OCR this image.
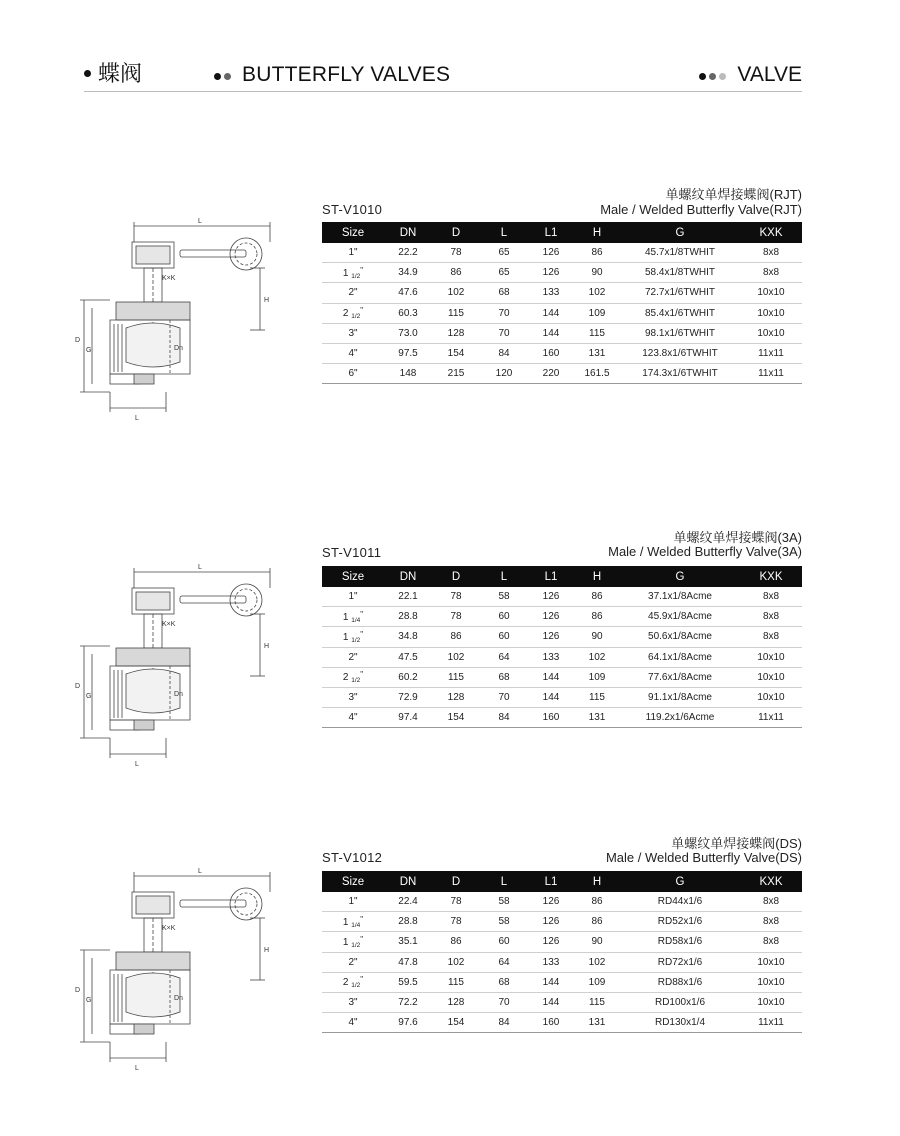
蝶阀	BUTTERFLY VALVES	VALVE
L
K×K
H
D
G	Dn
L
ST-V1010
单螺纹单焊接蝶阀(RJT)
Male / Welded Butterfly Valve(RJT)
Size	DN	D	L	L1	H	G	KXK
1"	22.2	78	65	126	86	45.7x1/8TWHIT	8x8
1 $_{1/2}$"	34.9	86	65	126	90	58.4x1/8TWHIT	8x8
2"	47.6	102	68	133	102	72.7x1/6TWHIT	10x10
2 $_{1/2}$"	60.3	115	70	144	109	85.4x1/6TWHIT	10x10
3"	73.0	128	70	144	115	98.1x1/6TWHIT	10x10
4"	97.5	154	84	160	131	123.8x1/6TWHIT	11x11
6"	148	215	120	220	161.5	174.3x1/6TWHIT	11x11
L
K×K
H
D
G	Dn
L
ST-V1011
单螺纹单焊接蝶阀(3A)
Male / Welded Butterfly Valve(3A)
Size	DN	D	L	L1	H	G	KXK
1"	22.1	78	58	126	86	37.1x1/8Acme	8x8
1 $_{1/4}$"	28.8	78	60	126	86	45.9x1/8Acme	8x8
1 $_{1/2}$"	34.8	86	60	126	90	50.6x1/8Acme	8x8
2"	47.5	102	64	133	102	64.1x1/8Acme	10x10
2 $_{1/2}$"	60.2	115	68	144	109	77.6x1/8Acme	10x10
3"	72.9	128	70	144	115	91.1x1/8Acme	10x10
4"	97.4	154	84	160	131	119.2x1/6Acme	11x11
L
K×K
H
D
G	Dn
L
ST-V1012
单螺纹单焊接蝶阀(DS)
Male / Welded Butterfly Valve(DS)
Size	DN	D	L	L1	H	G	KXK
1"	22.4	78	58	126	86	RD44x1/6	8x8
1 $_{1/4}$"	28.8	78	58	126	86	RD52x1/6	8x8
1 $_{1/2}$"	35.1	86	60	126	90	RD58x1/6	8x8
2"	47.8	102	64	133	102	RD72x1/6	10x10
2 $_{1/2}$"	59.5	115	68	144	109	RD88x1/6	10x10
3"	72.2	128	70	144	115	RD100x1/6	10x10
4"	97.6	154	84	160	131	RD130x1/4	11x11
